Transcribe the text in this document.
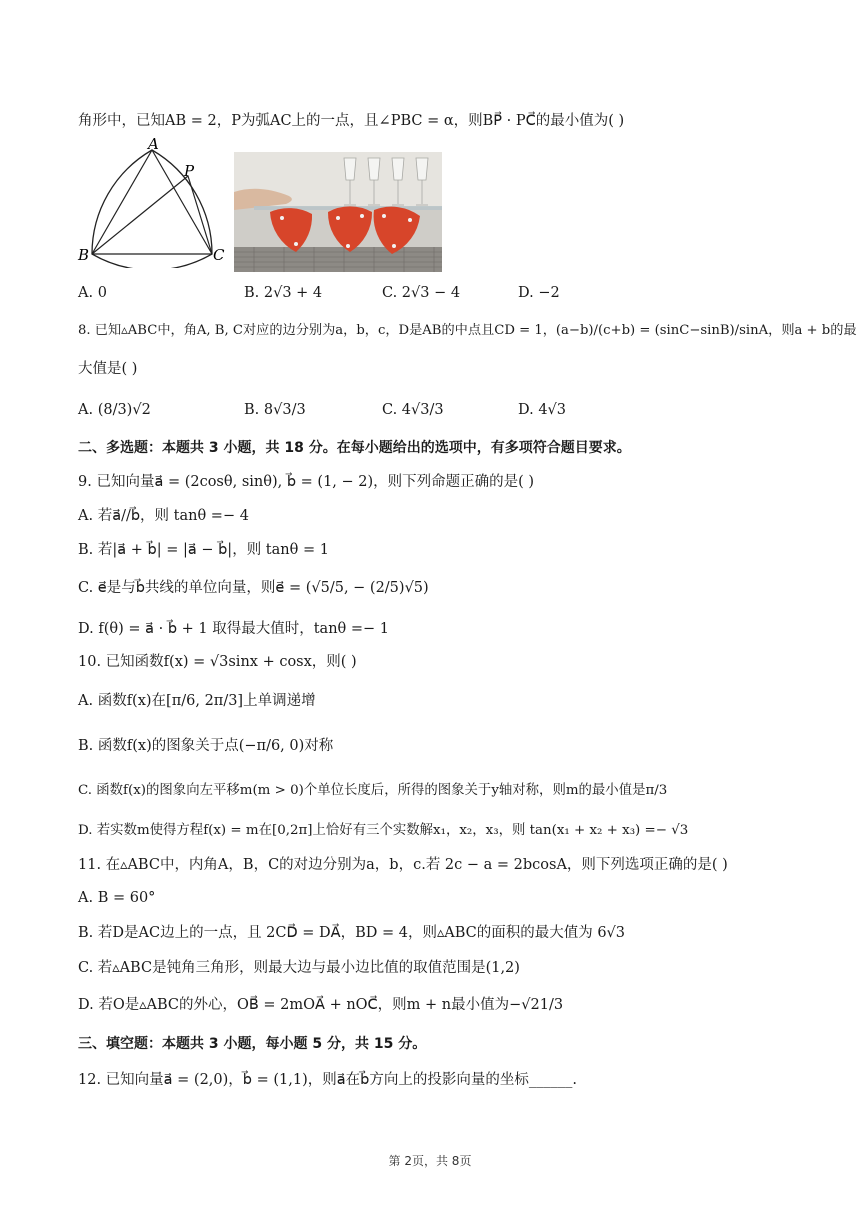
角形中，已知AB = 2，P为弧AC上的一点，且∠PBC = α，则BP⃗ · PC⃗的最小值为( )
A
P
B	C
A. 0	B. 2√3 + 4	C. 2√3 − 4	D. −2
8. 已知▵ABC中，角A, B, C对应的边分别为a，b，c，D是AB的中点且CD = 1，(a−b)/(c+b) = (sinC−sinB)/sinA，则a + b的最
大值是( )
A. (8/3)√2	B. 8√3/3	C. 4√3/3	D. 4√3
二、多选题：本题共 3 小题，共 18 分。在每小题给出的选项中，有多项符合题目要求。
9. 已知向量a⃗ = (2cosθ, sinθ), b⃗ = (1, − 2)，则下列命题正确的是( )
A. 若a⃗//b⃗，则 tanθ =− 4
B. 若|a⃗ + b⃗| = |a⃗ − b⃗|，则 tanθ = 1
C. e⃗是与b⃗共线的单位向量，则e⃗ = (√5/5, − (2/5)√5)
D. f(θ) = a⃗ · b⃗ + 1 取得最大值时，tanθ =− 1
10. 已知函数f(x) = √3sinx + cosx，则( )
A. 函数f(x)在[π/6, 2π/3]上单调递增
B. 函数f(x)的图象关于点(−π/6, 0)对称
C. 函数f(x)的图象向左平移m(m > 0)个单位长度后，所得的图象关于y轴对称，则m的最小值是π/3
D. 若实数m使得方程f(x) = m在[0,2π]上恰好有三个实数解x₁，x₂，x₃，则 tan(x₁ + x₂ + x₃) =− √3
11. 在▵ABC中，内角A，B，C的对边分别为a，b，c.若 2c − a = 2bcosA，则下列选项正确的是( )
A. B = 60°
B. 若D是AC边上的一点，且 2CD⃗ = DA⃗，BD = 4，则▵ABC的面积的最大值为 6√3
C. 若▵ABC是钝角三角形，则最大边与最小边比值的取值范围是(1,2)
D. 若O是▵ABC的外心，OB⃗ = 2mOA⃗ + nOC⃗，则m + n最小值为−√21/3
三、填空题：本题共 3 小题，每小题 5 分，共 15 分。
12. 已知向量a⃗ = (2,0)，b⃗ = (1,1)，则a⃗在b⃗方向上的投影向量的坐标______.
第 2页，共 8页
